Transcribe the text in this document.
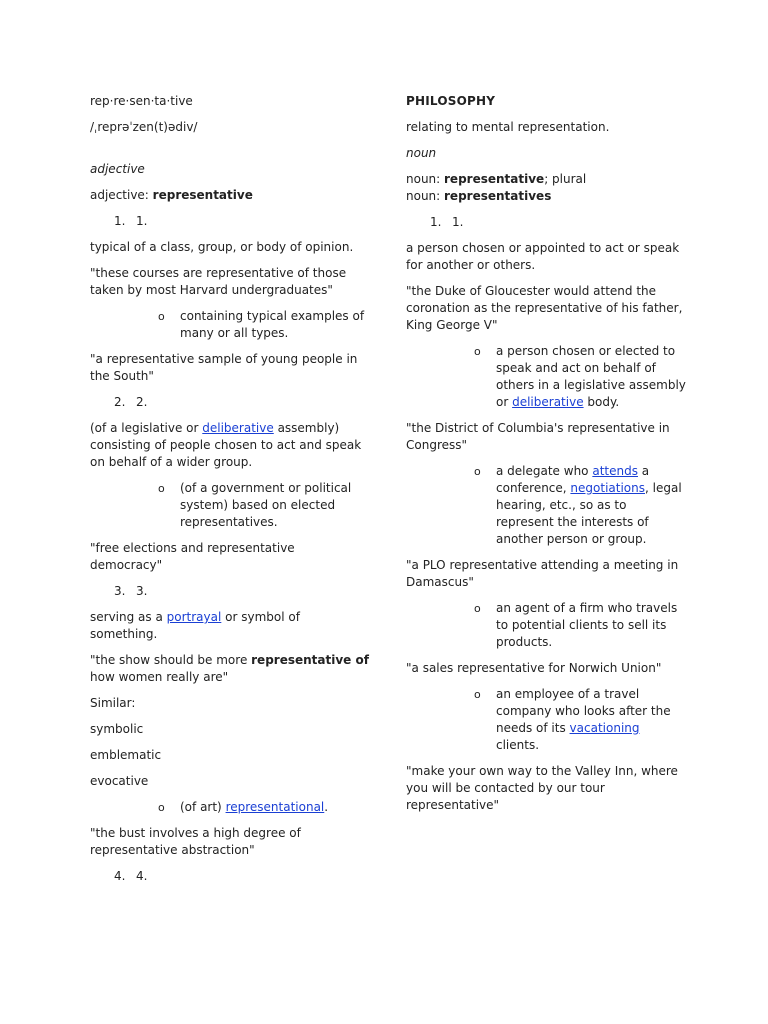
rep·re·sen·ta·tive

/ˌreprəˈzen(t)ədiv/

adjective

adjective: representative

1. 1.

typical of a class, group, or body of opinion.

"these courses are representative of those taken by most Harvard undergraduates"

o	containing typical examples of many or all types.

"a representative sample of young people in the South"

2. 2.

(of a legislative or deliberative assembly) consisting of people chosen to act and speak on behalf of a wider group.

o	(of a government or political system) based on elected representatives.

"free elections and representative democracy"

3. 3.

serving as a portrayal or symbol of something.

"the show should be more representative of how women really are"

Similar:

symbolic

emblematic

evocative

o	(of art) representational.

"the bust involves a high degree of representative abstraction"

4. 4.

PHILOSOPHY

relating to mental representation.

noun

noun: representative; plural
noun: representatives

1. 1.

a person chosen or appointed to act or speak for another or others.

"the Duke of Gloucester would attend the coronation as the representative of his father, King George V"

o	a person chosen or elected to speak and act on behalf of others in a legislative assembly or deliberative body.

"the District of Columbia's representative in Congress"

o	a delegate who attends a conference, negotiations, legal hearing, etc., so as to represent the interests of another person or group.

"a PLO representative attending a meeting in Damascus"

o	an agent of a firm who travels to potential clients to sell its products.

"a sales representative for Norwich Union"

o	an employee of a travel company who looks after the needs of its vacationing clients.

"make your own way to the Valley Inn, where you will be contacted by our tour representative"
